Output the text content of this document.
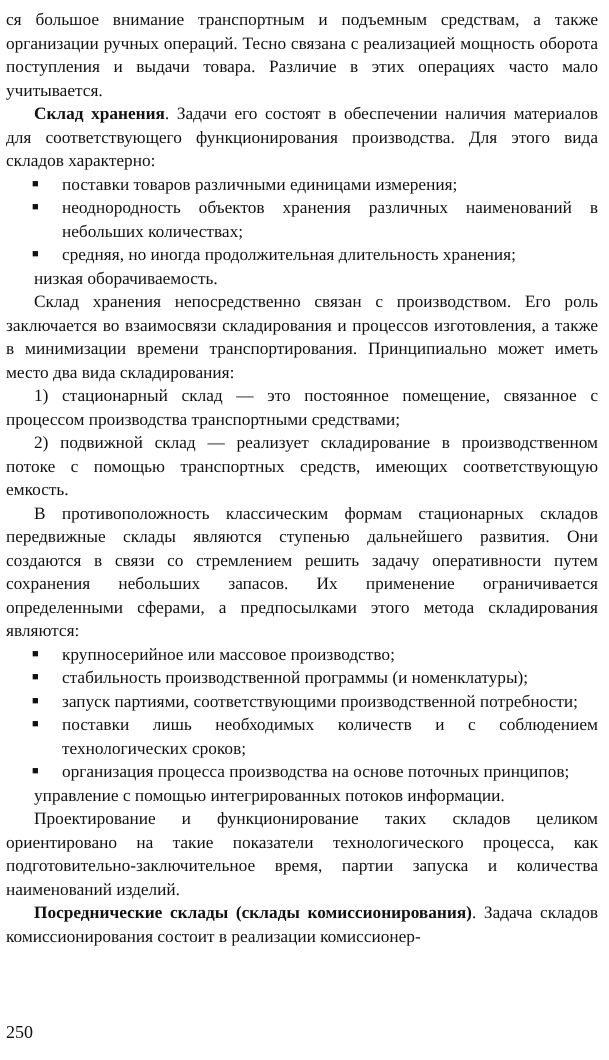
ся большое внимание транспортным и подъемным средствам, а также организации ручных операций. Тесно связана с реализацией мощность оборота поступления и выдачи товара. Различие в этих операциях часто мало учитывается.

Склад хранения. Задачи его состоят в обеспечении наличия материалов для соответствующего функционирования производства. Для этого вида складов характерно:

■ поставки товаров различными единицами измерения;

■ неоднородность объектов хранения различных наименований в небольших количествах;

■ средняя, но иногда продолжительная длительность хранения;

низкая оборачиваемость.

Склад хранения непосредственно связан с производством. Его роль заключается во взаимосвязи складирования и процессов изготовления, а также в минимизации времени транспортирования. Принципиально может иметь место два вида складирования:

1) стационарный склад — это постоянное помещение, связанное с процессом производства транспортными средствами;

2) подвижной склад — реализует складирование в производственном потоке с помощью транспортных средств, имеющих соответствующую емкость.

В противоположность классическим формам стационарных складов передвижные склады являются ступенью дальнейшего развития. Они создаются в связи со стремлением решить задачу оперативности путем сохранения небольших запасов. Их применение ограничивается определенными сферами, а предпосылками этого метода складирования являются:

■ крупносерийное или массовое производство;

■ стабильность производственной программы (и номенклатуры);

■ запуск партиями, соответствующими производственной потребности;

■ поставки лишь необходимых количеств и с соблюдением технологических сроков;

■ организация процесса производства на основе поточных принципов;

управление с помощью интегрированных потоков информации.

Проектирование и функционирование таких складов целиком ориентировано на такие показатели технологического процесса, как подготовительно-заключительное время, партии запуска и количества наименований изделий.

Посреднические склады (склады комиссионирования). Задача складов комиссионирования состоит в реализации комиссионер-

250
